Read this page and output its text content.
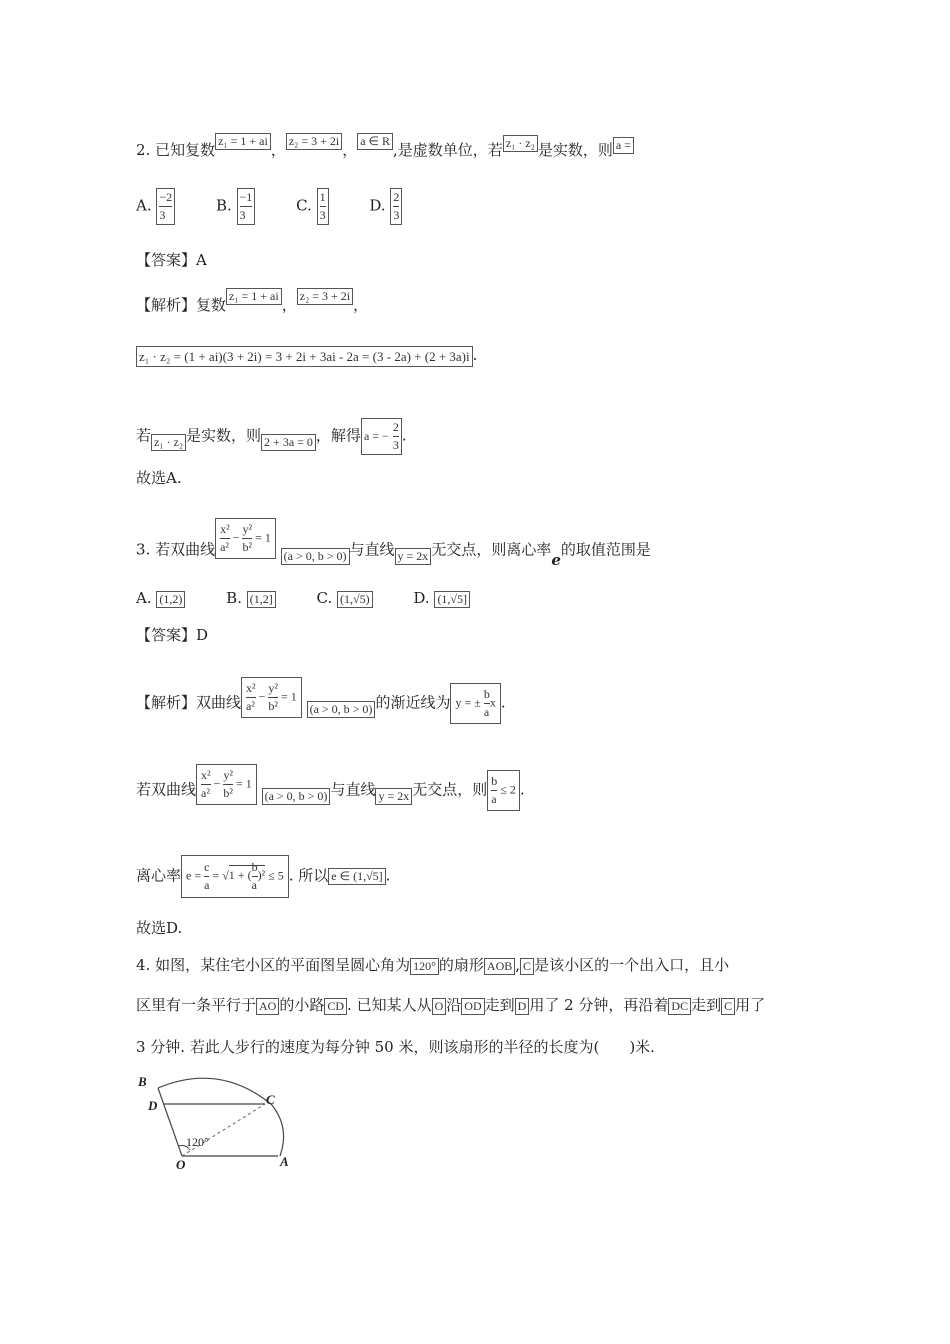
2. 已知复数z₁ = 1 + ai，z₂ = 3 + 2i，a ∈ R,是虚数单位，若 z₁ · z₂ 是实数，则 a =
A. $\frac{-2}{3}$	B. $\frac{-1}{3}$	C. $\frac{1}{3}$	D. $\frac{2}{3}$
【答案】A
【解析】复数z₁ = 1 + ai，z₂ = 3 + 2i，
z₁ · z₂ = (1 + ai)(3 + 2i) = 3 + 2i + 3ai - 2a = (3 - 2a) + (2 + 3a)i .
若 z₁ · z₂ 是实数，则 2 + 3a = 0 ，解得 a = − $\frac{2}{3}$ .
故选A.
3. 若双曲线 $\frac{\text{x²}}{\text{a²}} - \frac{\text{y²}}{\text{b²}} = 1$ (a > 0, b > 0) 与直线 y = 2x 无交点，则离心率e的取值范围是
A. (1,2)	B. (1,2]	C. (1,√5)	D. (1,√5]
【答案】D
【解析】双曲线 $\frac{\text{x²}}{\text{a²}} - \frac{\text{y²}}{\text{b²}} = 1$ (a > 0, b > 0) 的渐近线为 y = ± $\frac{b}{a}$ x .
若双曲线 $\frac{\text{x²}}{\text{a²}} - \frac{\text{y²}}{\text{b²}} = 1$ (a > 0, b > 0) 与直线 y = 2x 无交点，则 $\frac{b}{a} \le 2$ .
离心率 $e = \frac{c}{a} = √1$ + ( $\frac{b}{a} )^2 \le 5$ . 所以 e ∈ (1,√5] .
故选D.
4. 如图，某住宅小区的平面图呈圆心角为 120° 的扇形 AOB , C 是该小区的一个出入口，且小
区里有一条平行于 AO 的小路 CD . 已知某人从 O 沿 OD 走到 D 用了 2 分钟，再沿着 DC 走到 C 用了
3 分钟. 若此人步行的速度为每分钟 50 米，则该扇形的半径的长度为(　　)米.
B
D	C
120°
O	A
